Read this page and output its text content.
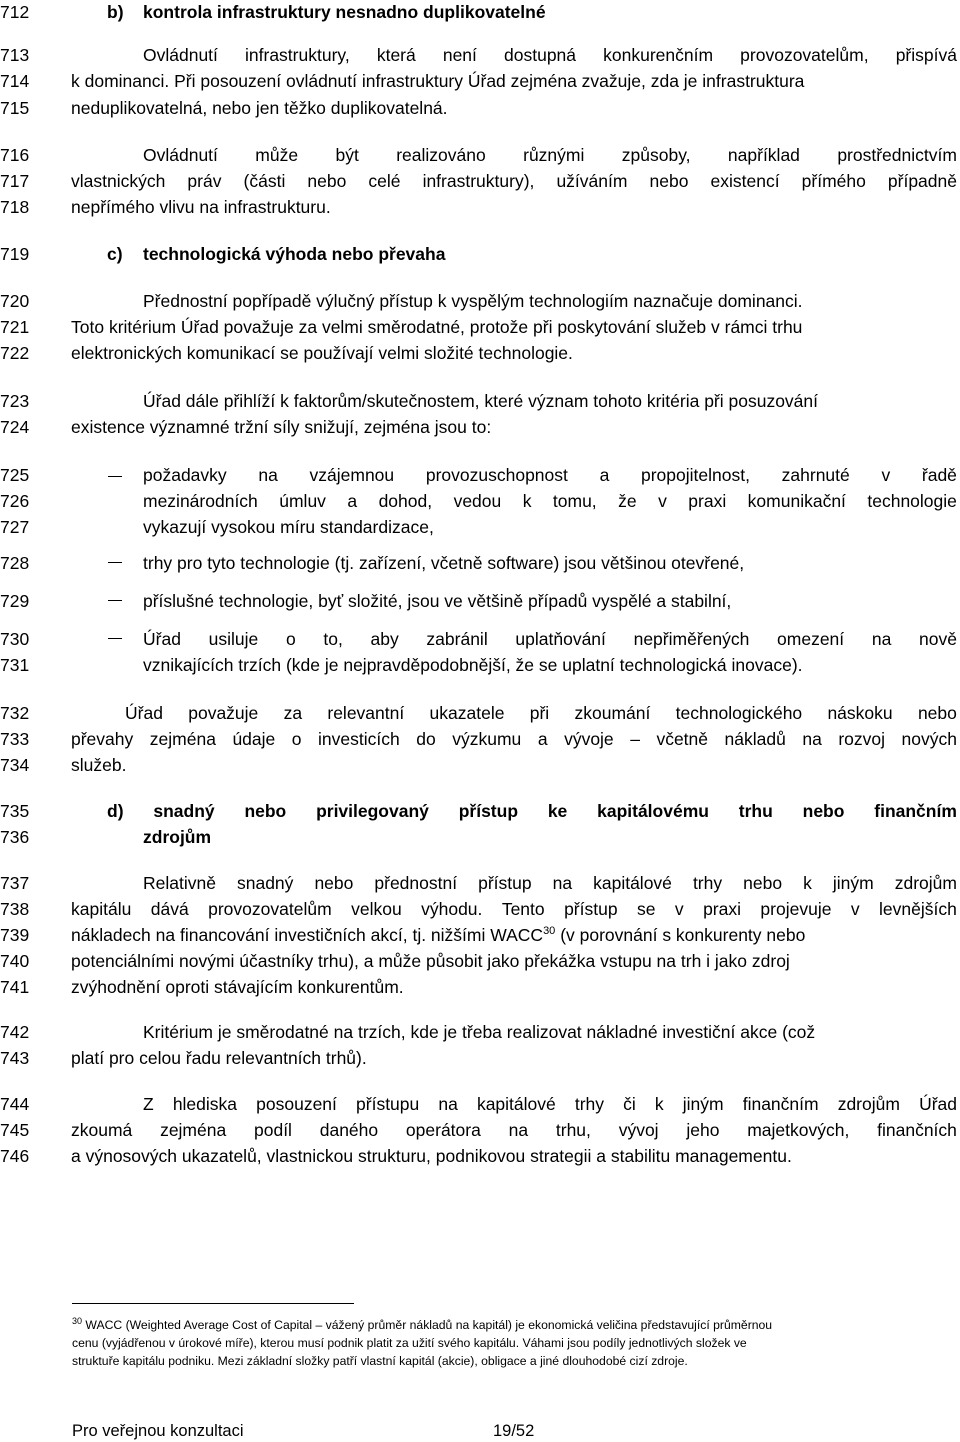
712
713
714
715
716
717
718
719
720
721
722
723
724
725
726
727
728
729
730
731
732
733
734
735
736
737
738
739
740
741
742
743
744
745
746
b) kontrola infrastruktury nesnadno duplikovatelné
Ovládnutí infrastruktury, která není dostupná konkurenčním provozovatelům, přispívá
k dominanci. Při posouzení ovládnutí infrastruktury Úřad zejména zvažuje, zda je infrastruktura
neduplikovatelná, nebo jen těžko duplikovatelná.
Ovládnutí může být realizováno různými způsoby, například prostřednictvím
vlastnických práv (části nebo celé infrastruktury), užíváním nebo existencí přímého případně
nepřímého vlivu na infrastrukturu.
c) technologická výhoda nebo převaha
Přednostní popřípadě výlučný přístup k vyspělým technologiím naznačuje dominanci.
Toto kritérium Úřad považuje za velmi směrodatné, protože při poskytování služeb v rámci trhu
elektronických komunikací se používají velmi složité technologie.
Úřad dále přihlíží k faktorům/skutečnostem, které význam tohoto kritéria při posuzování
existence významné tržní síly snižují, zejména jsou to:
požadavky na vzájemnou provozuschopnost a propojitelnost, zahrnuté v řadě
mezinárodních úmluv a dohod, vedou k tomu, že v praxi komunikační technologie
vykazují vysokou míru standardizace,
trhy pro tyto technologie (tj. zařízení, včetně software) jsou většinou otevřené,
příslušné technologie, byť složité, jsou ve většině případů vyspělé a stabilní,
Úřad usiluje o to, aby zabránil uplatňování nepřiměřených omezení na nově
vznikajících trzích (kde je nejpravděpodobnější, že se uplatní technologická inovace).
Úřad považuje za relevantní ukazatele při zkoumání technologického náskoku nebo
převahy zejména údaje o investicích do výzkumu a vývoje – včetně nákladů na rozvoj nových
služeb.
d) snadný nebo privilegovaný přístup ke kapitálovému trhu nebo finančním
zdrojům
Relativně snadný nebo přednostní přístup na kapitálové trhy nebo k jiným zdrojům
kapitálu dává provozovatelům velkou výhodu. Tento přístup se v praxi projevuje v levnějších
nákladech na financování investičních akcí, tj. nižšími WACC$^{30}$ (v porovnání s konkurenty nebo
potenciálními novými účastníky trhu), a může působit jako překážka vstupu na trh i jako zdroj
zvýhodnění oproti stávajícím konkurentům.
Kritérium je směrodatné na trzích, kde je třeba realizovat nákladné investiční akce (což
platí pro celou řadu relevantních trhů).
Z hlediska posouzení přístupu na kapitálové trhy či k jiným finančním zdrojům Úřad
zkoumá zejména podíl daného operátora na trhu, vývoj jeho majetkových, finančních
a výnosových ukazatelů, vlastnickou strukturu, podnikovou strategii a stabilitu managementu.
$^{30}$ WACC (Weighted Average Cost of Capital – vážený průměr nákladů na kapitál) je ekonomická veličina představující průměrnou
cenu (vyjádřenou v úrokové míře), kterou musí podnik platit za užití svého kapitálu. Váhami jsou podíly jednotlivých složek ve
struktuře kapitálu podniku. Mezi základní složky patří vlastní kapitál (akcie), obligace a jiné dlouhodobé cizí zdroje.
Pro veřejnou konzultaci	19/52
